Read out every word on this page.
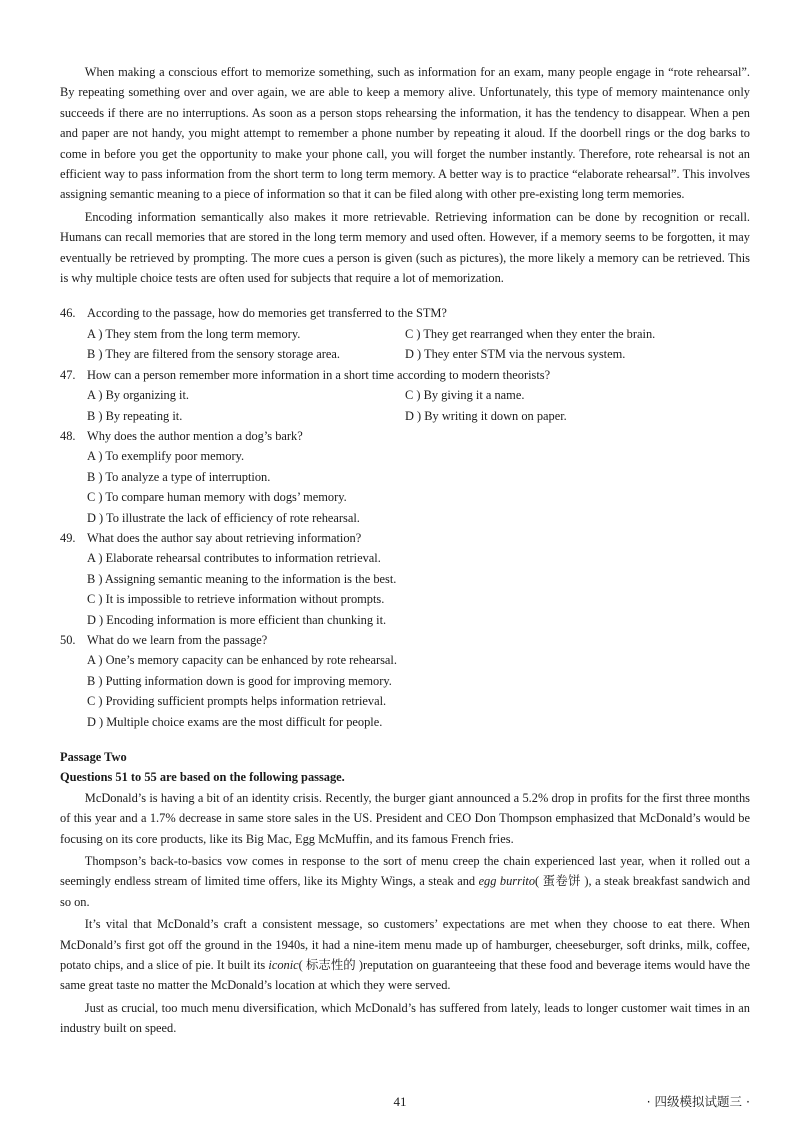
When making a conscious effort to memorize something, such as information for an exam, many people engage in “rote rehearsal”. By repeating something over and over again, we are able to keep a memory alive. Unfortunately, this type of memory maintenance only succeeds if there are no interruptions. As soon as a person stops rehearsing the information, it has the tendency to disappear. When a pen and paper are not handy, you might attempt to remember a phone number by repeating it aloud. If the doorbell rings or the dog barks to come in before you get the opportunity to make your phone call, you will forget the number instantly. Therefore, rote rehearsal is not an efficient way to pass information from the short term to long term memory. A better way is to practice “elaborate rehearsal”. This involves assigning semantic meaning to a piece of information so that it can be filed along with other pre-existing long term memories.

Encoding information semantically also makes it more retrievable. Retrieving information can be done by recognition or recall. Humans can recall memories that are stored in the long term memory and used often. However, if a memory seems to be forgotten, it may eventually be retrieved by prompting. The more cues a person is given (such as pictures), the more likely a memory can be retrieved. This is why multiple choice tests are often used for subjects that require a lot of memorization.

46. According to the passage, how do memories get transferred to the STM?
A ) They stem from the long term memory.	C ) They get rearranged when they enter the brain.
B ) They are filtered from the sensory storage area.	D ) They enter STM via the nervous system.
47. How can a person remember more information in a short time according to modern theorists?
A ) By organizing it.	C ) By giving it a name.
B ) By repeating it.	D ) By writing it down on paper.
48. Why does the author mention a dog’s bark?
A ) To exemplify poor memory.
B ) To analyze a type of interruption.
C ) To compare human memory with dogs’ memory.
D ) To illustrate the lack of efficiency of rote rehearsal.
49. What does the author say about retrieving information?
A ) Elaborate rehearsal contributes to information retrieval.
B ) Assigning semantic meaning to the information is the best.
C ) It is impossible to retrieve information without prompts.
D ) Encoding information is more efficient than chunking it.
50. What do we learn from the passage?
A ) One’s memory capacity can be enhanced by rote rehearsal.
B ) Putting information down is good for improving memory.
C ) Providing sufficient prompts helps information retrieval.
D ) Multiple choice exams are the most difficult for people.
Passage Two
Questions 51 to 55 are based on the following passage.

McDonald’s is having a bit of an identity crisis. Recently, the burger giant announced a 5.2% drop in profits for the first three months of this year and a 1.7% decrease in same store sales in the US. President and CEO Don Thompson emphasized that McDonald’s would be focusing on its core products, like its Big Mac, Egg McMuffin, and its famous French fries.

Thompson’s back-to-basics vow comes in response to the sort of menu creep the chain experienced last year, when it rolled out a seemingly endless stream of limited time offers, like its Mighty Wings, a steak and egg burrito( 蛋卷饼 ), a steak breakfast sandwich and so on.

It’s vital that McDonald’s craft a consistent message, so customers’ expectations are met when they choose to eat there. When McDonald’s first got off the ground in the 1940s, it had a nine-item menu made up of hamburger, cheeseburger, soft drinks, milk, coffee, potato chips, and a slice of pie. It built its iconic( 标志性的 )reputation on guaranteeing that these food and beverage items would have the same great taste no matter the McDonald’s location at which they were served.

Just as crucial, too much menu diversification, which McDonald’s has suffered from lately, leads to longer customer wait times in an industry built on speed.

41	· 四级模拟试题三 ·
